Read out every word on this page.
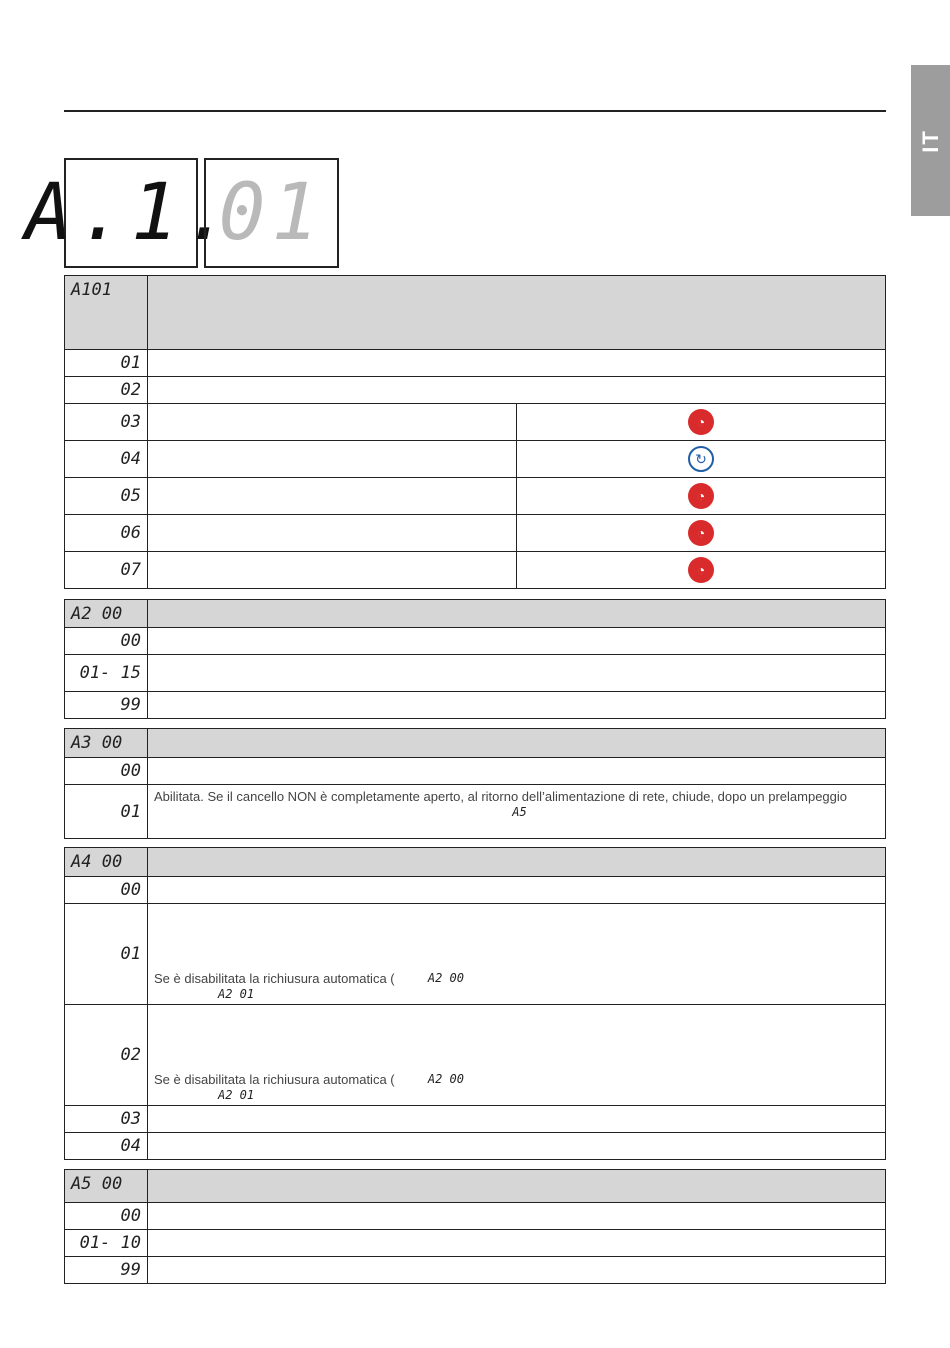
IT
A.1.
01
A101		
01		
02		
03		◔
04		↻
05		◔
06		◔
07		◔
A2 00	
00	
01- 15	
99	
A3 00	
00	
01	Abilitata. Se il cancello NON è completamente aperto, al ritorno dell’alimentazione di rete, chiude, dopo un prelampeggio
A5
A4 00	
00	
01	Se è disabilitata la richiusura automatica ( A2 00
A2 01

02	Se è disabilitata la richiusura automatica ( A2 00
A2 01

03	
04	
A5 00	
00	
01- 10	
99	
